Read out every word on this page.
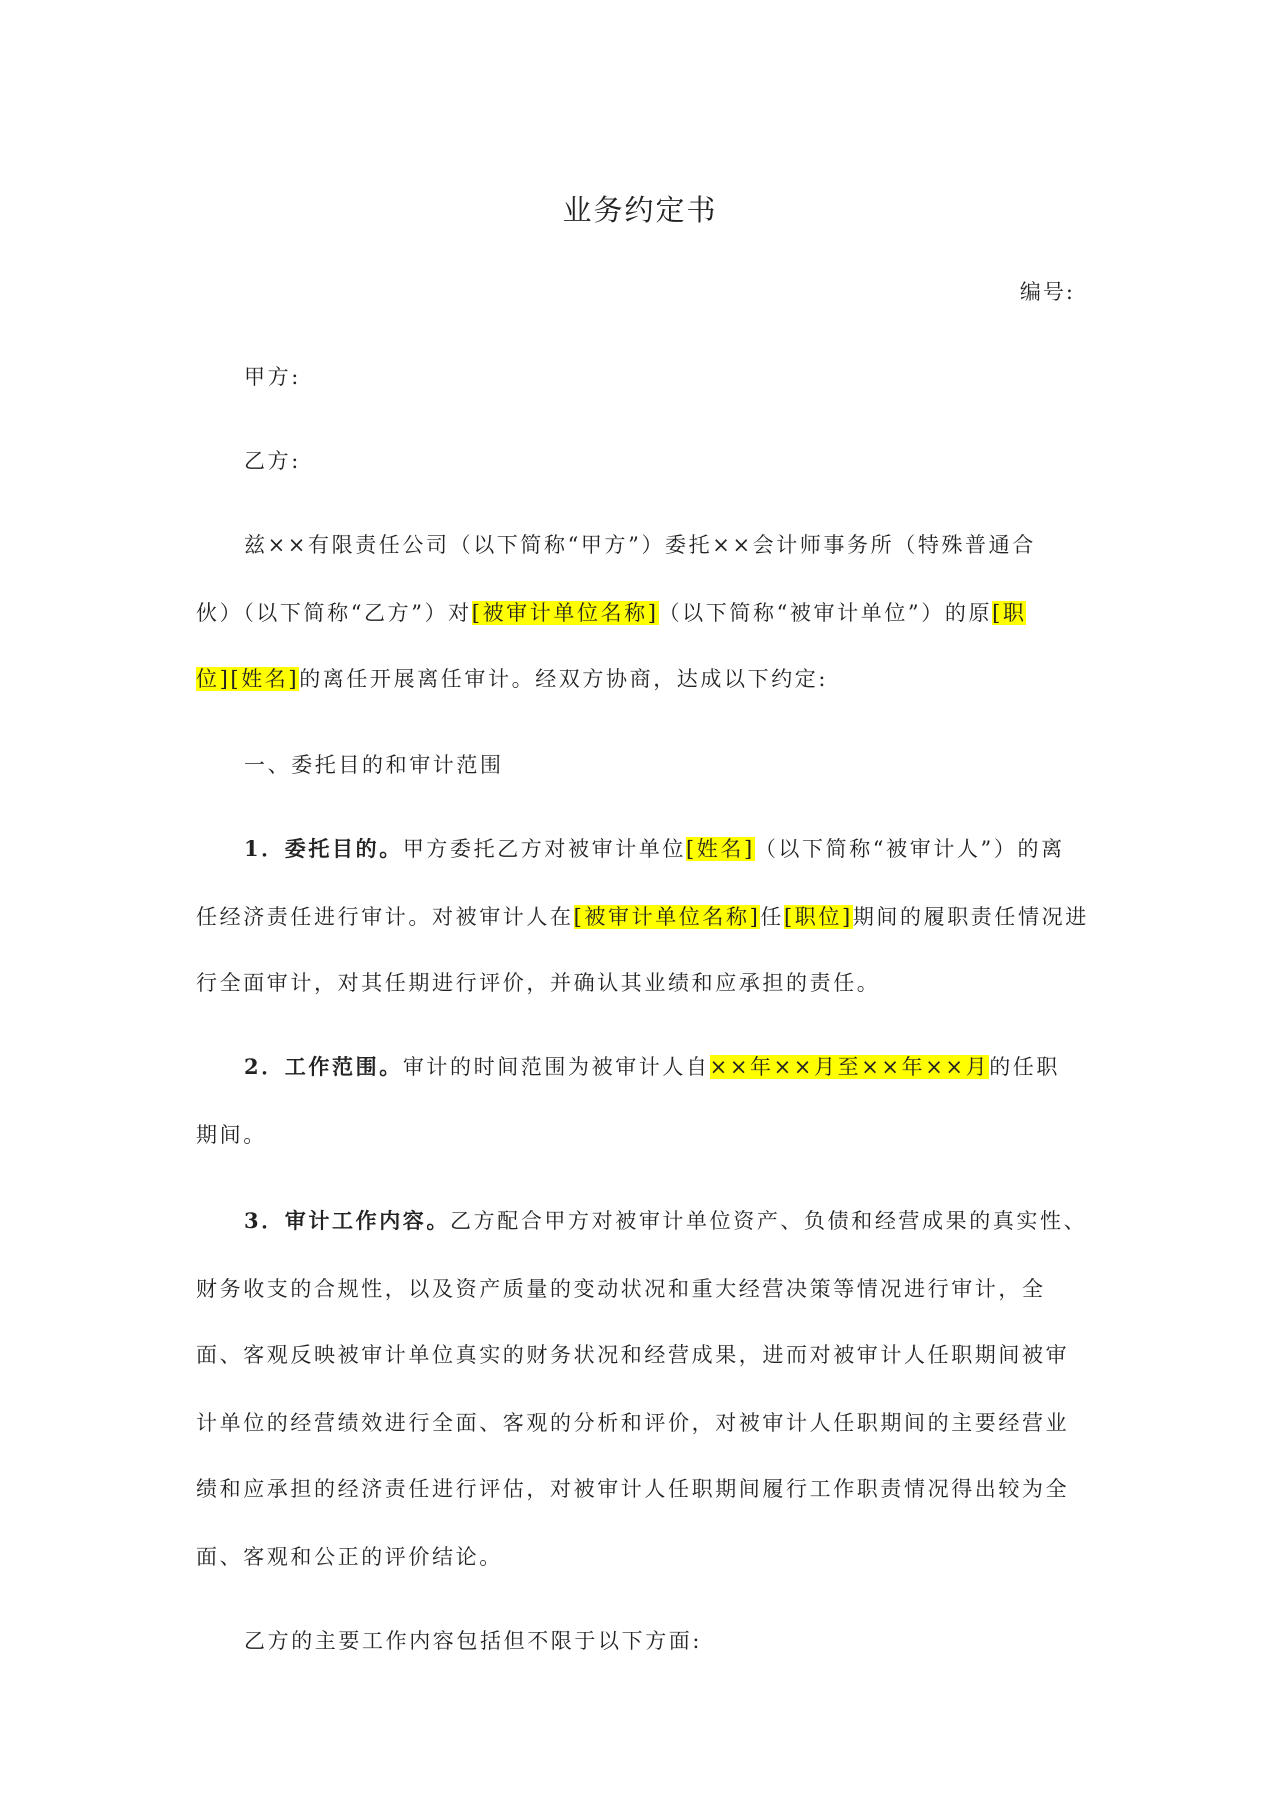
业务约定书
编号:
甲方:
乙方:
兹××有限责任公司（以下简称“甲方”）委托××会计师事务所（特殊普通合
伙）（以下简称“乙方”）对[被审计单位名称]（以下简称“被审计单位”）的原[职
位][姓名]的离任开展离任审计。经双方协商，达成以下约定:
一、委托目的和审计范围
1．委托目的。甲方委托乙方对被审计单位[姓名]（以下简称“被审计人”）的离
任经济责任进行审计。对被审计人在[被审计单位名称]任[职位]期间的履职责任情况进
行全面审计，对其任期进行评价，并确认其业绩和应承担的责任。
2．工作范围。审计的时间范围为被审计人自××年××月至××年××月的任职
期间。
3．审计工作内容。乙方配合甲方对被审计单位资产、负债和经营成果的真实性、
财务收支的合规性，以及资产质量的变动状况和重大经营决策等情况进行审计，全
面、客观反映被审计单位真实的财务状况和经营成果，进而对被审计人任职期间被审
计单位的经营绩效进行全面、客观的分析和评价，对被审计人任职期间的主要经营业
绩和应承担的经济责任进行评估，对被审计人任职期间履行工作职责情况得出较为全
面、客观和公正的评价结论。
乙方的主要工作内容包括但不限于以下方面:
